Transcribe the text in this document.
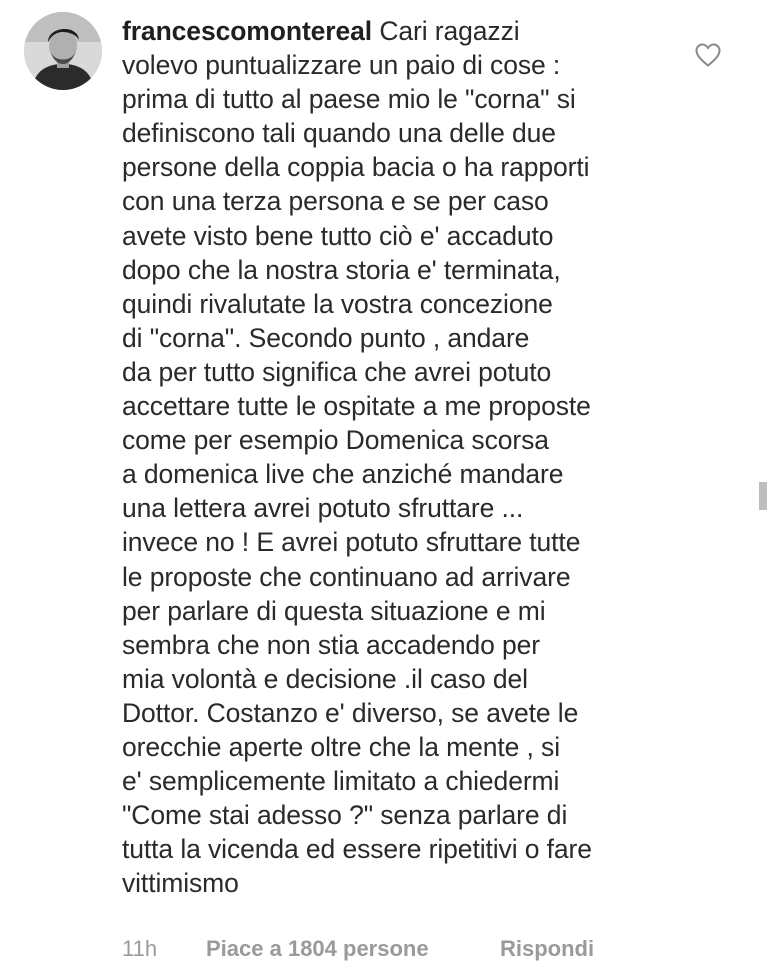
francescomontereal Cari ragazzi
volevo puntualizzare un paio di cose :
prima di tutto al paese mio le "corna" si
definiscono tali quando una delle due
persone della coppia bacia o ha rapporti
con una terza persona e se per caso
avete visto bene tutto ciò e' accaduto
dopo che la nostra storia e' terminata,
quindi rivalutate la vostra concezione
di "corna". Secondo punto , andare
da per tutto significa che avrei potuto
accettare tutte le ospitate a me proposte
come per esempio Domenica scorsa
a domenica live che anziché mandare
una lettera avrei potuto sfruttare ...
invece no ! E avrei potuto sfruttare tutte
le proposte che continuano ad arrivare
per parlare di questa situazione e mi
sembra che non stia accadendo per
mia volontà e decisione .il caso del
Dottor. Costanzo e' diverso, se avete le
orecchie aperte oltre che la mente , si
e' semplicemente limitato a chiedermi
"Come stai adesso ?" senza parlare di
tutta la vicenda ed essere ripetitivi o fare
vittimismo
11h Piace a 1804 persone	Rispondi
